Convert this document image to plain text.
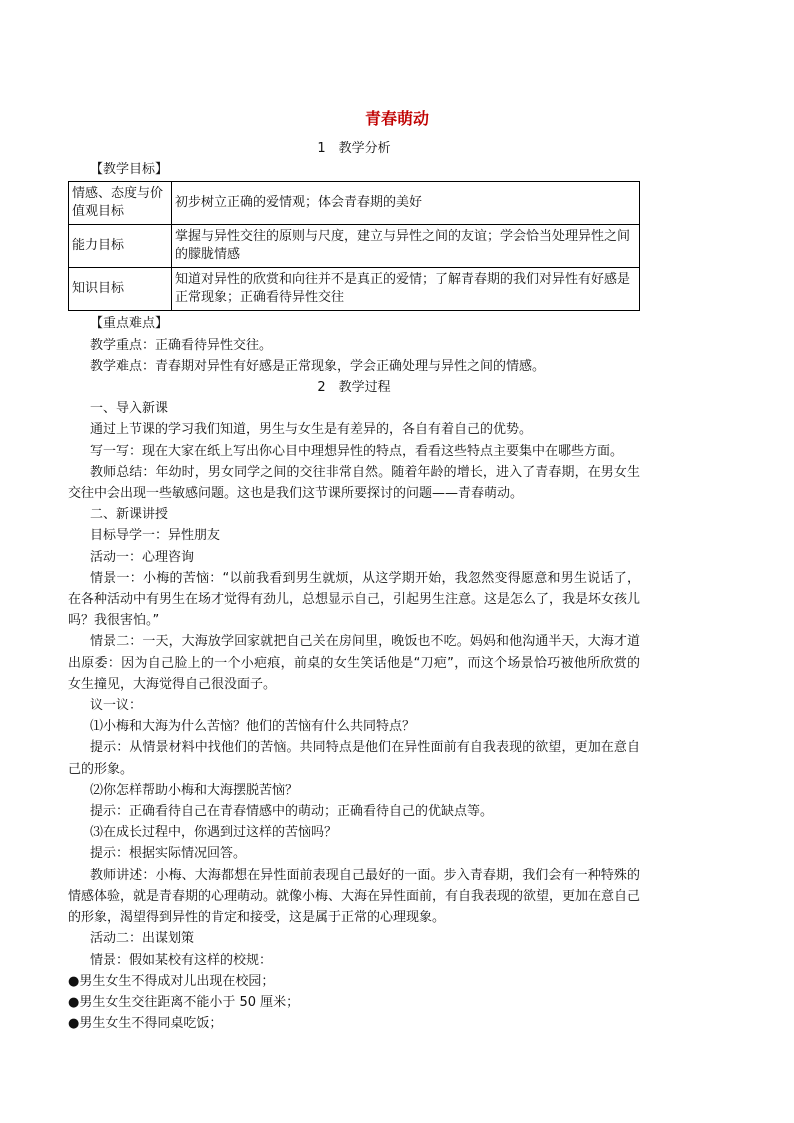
青春萌动
1　教学分析
【教学目标】
情感、态度与价值观目标	初步树立正确的爱情观；体会青春期的美好
能力目标	掌握与异性交往的原则与尺度，建立与异性之间的友谊；学会恰当处理异性之间的朦胧情感
知识目标	知道对异性的欣赏和向往并不是真正的爱情；了解青春期的我们对异性有好感是正常现象；正确看待异性交往
【重点难点】
教学重点：正确看待异性交往。
教学难点：青春期对异性有好感是正常现象，学会正确处理与异性之间的情感。
2　教学过程
一、导入新课
通过上节课的学习我们知道，男生与女生是有差异的，各自有着自己的优势。
写一写：现在大家在纸上写出你心目中理想异性的特点，看看这些特点主要集中在哪些方面。
教师总结：年幼时，男女同学之间的交往非常自然。随着年龄的增长，进入了青春期，在男女生交往中会出现一些敏感问题。这也是我们这节课所要探讨的问题——青春萌动。
二、新课讲授
目标导学一：异性朋友
活动一：心理咨询
情景一：小梅的苦恼：“以前我看到男生就烦，从这学期开始，我忽然变得愿意和男生说话了，在各种活动中有男生在场才觉得有劲儿，总想显示自己，引起男生注意。这是怎么了，我是坏女孩儿吗？我很害怕。”
情景二：一天，大海放学回家就把自己关在房间里，晚饭也不吃。妈妈和他沟通半天，大海才道出原委：因为自己脸上的一个小疤痕，前桌的女生笑话他是“刀疤”，而这个场景恰巧被他所欣赏的女生撞见，大海觉得自己很没面子。
议一议：
⑴小梅和大海为什么苦恼？他们的苦恼有什么共同特点？
提示：从情景材料中找他们的苦恼。共同特点是他们在异性面前有自我表现的欲望，更加在意自己的形象。
⑵你怎样帮助小梅和大海摆脱苦恼？
提示：正确看待自己在青春情感中的萌动；正确看待自己的优缺点等。
⑶在成长过程中，你遇到过这样的苦恼吗？
提示：根据实际情况回答。
教师讲述：小梅、大海都想在异性面前表现自己最好的一面。步入青春期，我们会有一种特殊的情感体验，就是青春期的心理萌动。就像小梅、大海在异性面前，有自我表现的欲望，更加在意自己的形象，渴望得到异性的肯定和接受，这是属于正常的心理现象。
活动二：出谋划策
情景：假如某校有这样的校规：
●男生女生不得成对儿出现在校园；
●男生女生交往距离不能小于 50 厘米；
●男生女生不得同桌吃饭；
